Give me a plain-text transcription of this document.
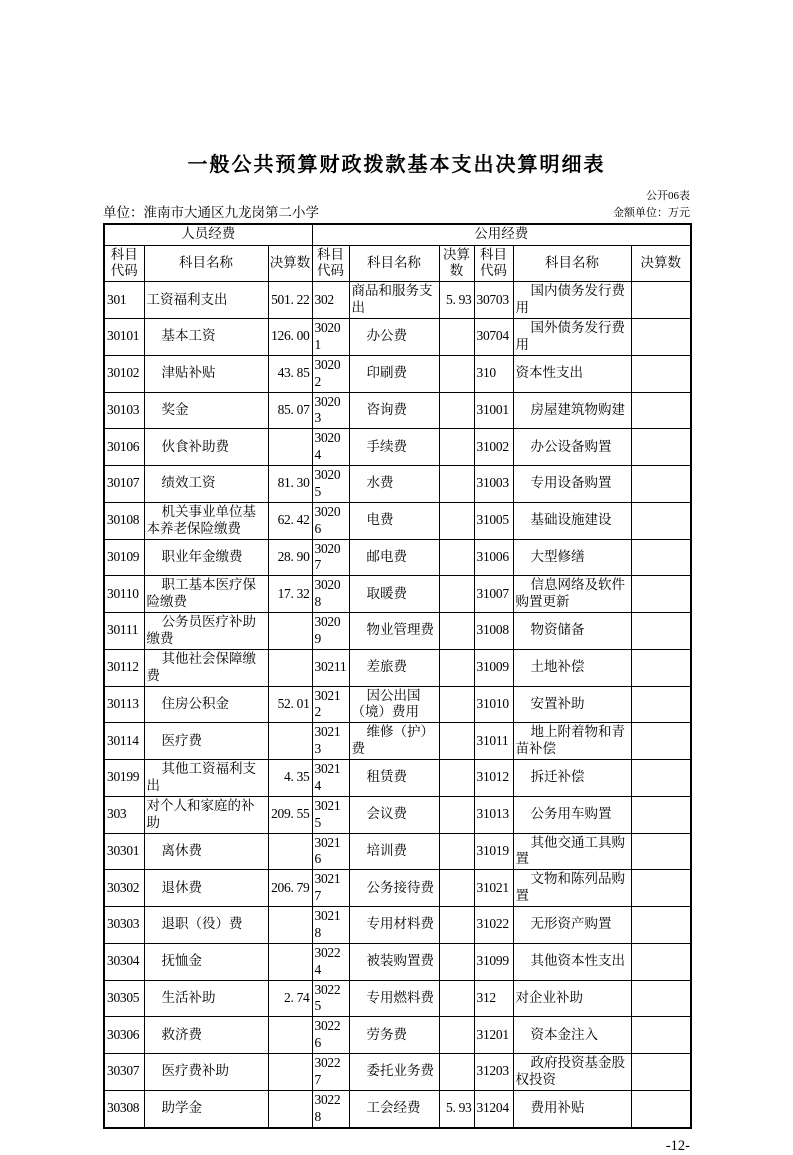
一般公共预算财政拨款基本支出决算明细表
公开06表
单位：淮南市大通区九龙岗第二小学	金额单位：万元
人员经费			公用经费					
科目代码	科目名称	决算数	科目代码	科目名称	决算数	科目代码	科目名称	决算数
301	工资福利支出	501. 22	302	商品和服务支出	5. 93	30703	国内债务发行费用	
30101	基本工资	126. 00	30201	办公费		30704	国外债务发行费用	
30102	津贴补贴	43. 85	30202	印刷费		310	资本性支出	
30103	奖金	85. 07	30203	咨询费		31001	房屋建筑物购建	
30106	伙食补助费		30204	手续费		31002	办公设备购置	
30107	绩效工资	81. 30	30205	水费		31003	专用设备购置	
30108	机关事业单位基本养老保险缴费	62. 42	30206	电费		31005	基础设施建设	
30109	职业年金缴费	28. 90	30207	邮电费		31006	大型修缮	
30110	职工基本医疗保险缴费	17. 32	30208	取暖费		31007	信息网络及软件购置更新	
30111	公务员医疗补助缴费		30209	物业管理费		31008	物资储备	
30112	其他社会保障缴费		30211	差旅费		31009	土地补偿	
30113	住房公积金	52. 01	30212	因公出国（境）费用		31010	安置补助	
30114	医疗费		30213	维修（护）费		31011	地上附着物和青苗补偿	
30199	其他工资福利支出	4. 35	30214	租赁费		31012	拆迁补偿	
303	对个人和家庭的补助	209. 55	30215	会议费		31013	公务用车购置	
30301	离休费		30216	培训费		31019	其他交通工具购置	
30302	退休费	206. 79	30217	公务接待费		31021	文物和陈列品购置	
30303	退职（役）费		30218	专用材料费		31022	无形资产购置	
30304	抚恤金		30224	被装购置费		31099	其他资本性支出	
30305	生活补助	2. 74	30225	专用燃料费		312	对企业补助	
30306	救济费		30226	劳务费		31201	资本金注入	
30307	医疗费补助		30227	委托业务费		31203	政府投资基金股权投资	
30308	助学金		30228	工会经费	5. 93	31204	费用补贴	
-12-
